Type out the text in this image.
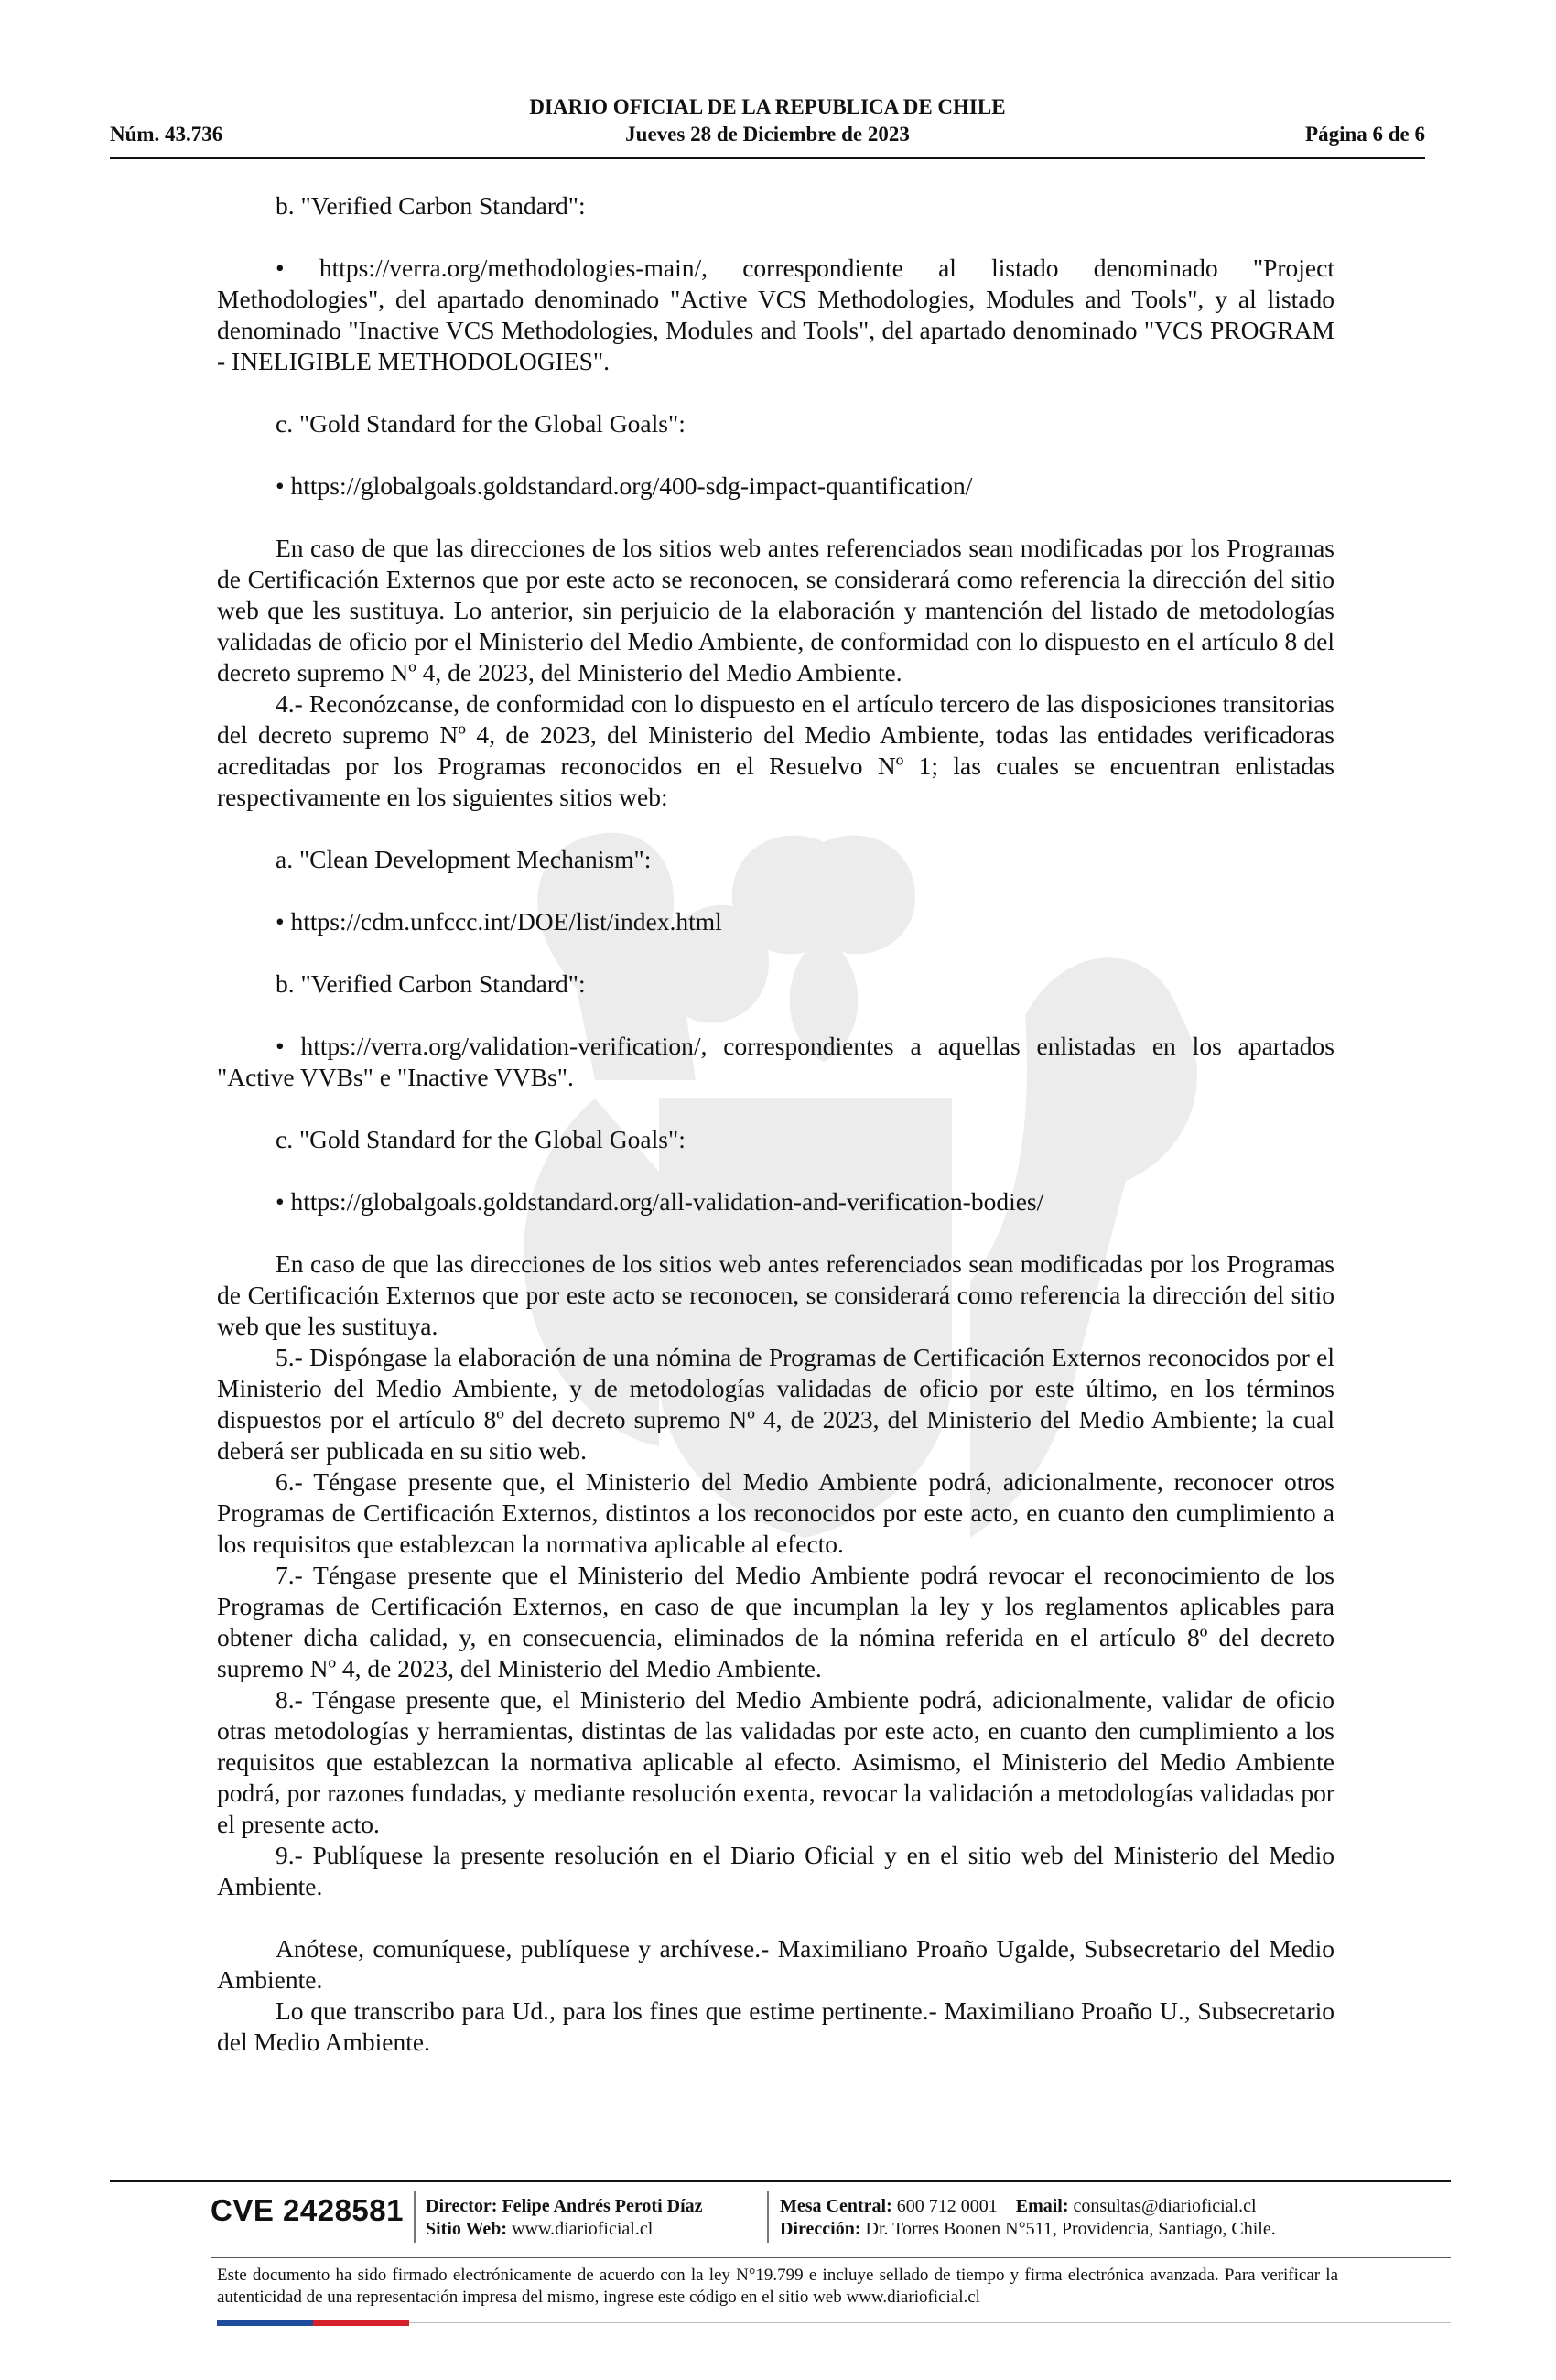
DIARIO OFICIAL DE LA REPUBLICA DE CHILE
Núm. 43.736	Jueves 28 de Diciembre de 2023	Página 6 de 6

b. "Verified Carbon Standard":

• https://verra.org/methodologies-main/, correspondiente al listado denominado "Project Methodologies", del apartado denominado "Active VCS Methodologies, Modules and Tools", y al listado denominado "Inactive VCS Methodologies, Modules and Tools", del apartado denominado "VCS PROGRAM - INELIGIBLE METHODOLOGIES".

c. "Gold Standard for the Global Goals":

• https://globalgoals.goldstandard.org/400-sdg-impact-quantification/

En caso de que las direcciones de los sitios web antes referenciados sean modificadas por los Programas de Certificación Externos que por este acto se reconocen, se considerará como referencia la dirección del sitio web que les sustituya. Lo anterior, sin perjuicio de la elaboración y mantención del listado de metodologías validadas de oficio por el Ministerio del Medio Ambiente, de conformidad con lo dispuesto en el artículo 8 del decreto supremo Nº 4, de 2023, del Ministerio del Medio Ambiente.

4.- Reconózcanse, de conformidad con lo dispuesto en el artículo tercero de las disposiciones transitorias del decreto supremo Nº 4, de 2023, del Ministerio del Medio Ambiente, todas las entidades verificadoras acreditadas por los Programas reconocidos en el Resuelvo Nº 1; las cuales se encuentran enlistadas respectivamente en los siguientes sitios web:

a. "Clean Development Mechanism":

• https://cdm.unfccc.int/DOE/list/index.html

b. "Verified Carbon Standard":

• https://verra.org/validation-verification/, correspondientes a aquellas enlistadas en los apartados "Active VVBs" e "Inactive VVBs".

c. "Gold Standard for the Global Goals":

• https://globalgoals.goldstandard.org/all-validation-and-verification-bodies/

En caso de que las direcciones de los sitios web antes referenciados sean modificadas por los Programas de Certificación Externos que por este acto se reconocen, se considerará como referencia la dirección del sitio web que les sustituya.

5.- Dispóngase la elaboración de una nómina de Programas de Certificación Externos reconocidos por el Ministerio del Medio Ambiente, y de metodologías validadas de oficio por este último, en los términos dispuestos por el artículo 8º del decreto supremo Nº 4, de 2023, del Ministerio del Medio Ambiente; la cual deberá ser publicada en su sitio web.

6.- Téngase presente que, el Ministerio del Medio Ambiente podrá, adicionalmente, reconocer otros Programas de Certificación Externos, distintos a los reconocidos por este acto, en cuanto den cumplimiento a los requisitos que establezcan la normativa aplicable al efecto.

7.- Téngase presente que el Ministerio del Medio Ambiente podrá revocar el reconocimiento de los Programas de Certificación Externos, en caso de que incumplan la ley y los reglamentos aplicables para obtener dicha calidad, y, en consecuencia, eliminados de la nómina referida en el artículo 8º del decreto supremo Nº 4, de 2023, del Ministerio del Medio Ambiente.

8.- Téngase presente que, el Ministerio del Medio Ambiente podrá, adicionalmente, validar de oficio otras metodologías y herramientas, distintas de las validadas por este acto, en cuanto den cumplimiento a los requisitos que establezcan la normativa aplicable al efecto. Asimismo, el Ministerio del Medio Ambiente podrá, por razones fundadas, y mediante resolución exenta, revocar la validación a metodologías validadas por el presente acto.

9.- Publíquese la presente resolución en el Diario Oficial y en el sitio web del Ministerio del Medio Ambiente.

Anótese, comuníquese, publíquese y archívese.- Maximiliano Proaño Ugalde, Subsecretario del Medio Ambiente.

Lo que transcribo para Ud., para los fines que estime pertinente.- Maximiliano Proaño U., Subsecretario del Medio Ambiente.

CVE 2428581 Director: Felipe Andrés Peroti Díaz
Sitio Web: www.diarioficial.cl
Mesa Central: 600 712 0001 Email: consultas@diarioficial.cl
Dirección: Dr. Torres Boonen N°511, Providencia, Santiago, Chile.
Este documento ha sido firmado electrónicamente de acuerdo con la ley N°19.799 e incluye sellado de tiempo y firma electrónica avanzada. Para verificar la autenticidad de una representación impresa del mismo, ingrese este código en el sitio web www.diarioficial.cl
